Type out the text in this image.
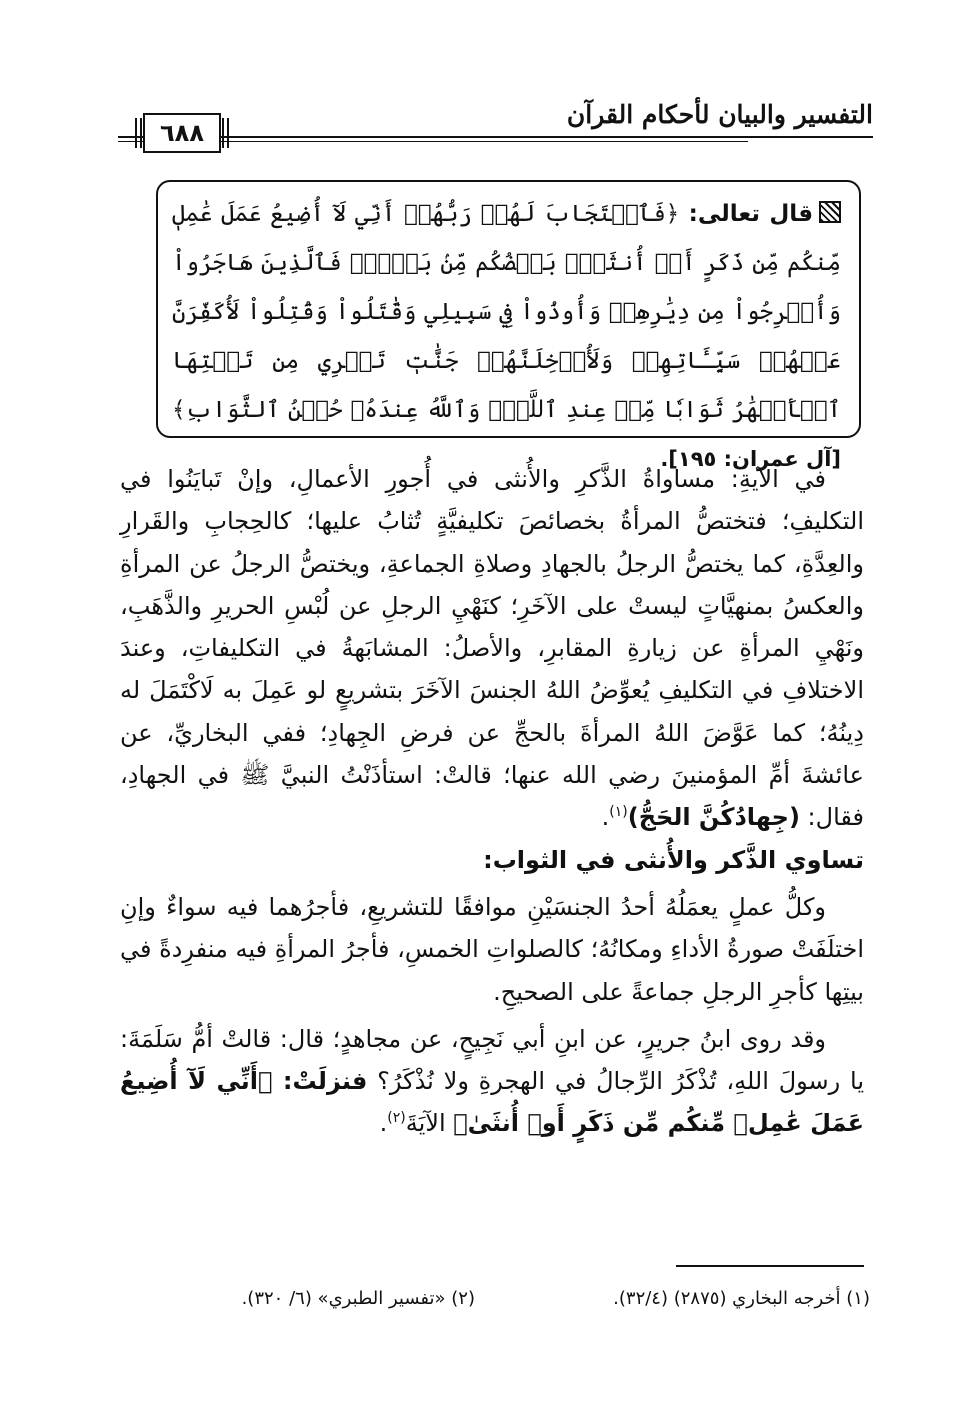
التفسير والبيان لأحكام القرآن
٦٨٨
قال تعالى: ﴿فَٱسۡتَجَابَ لَهُمۡ رَبُّهُمۡ أَنِّي لَآ أُضِيعُ عَمَلَ عَٰمِلٖ مِّنكُم مِّن ذَكَرٍ أَوۡ أُنثَىٰۖ بَعۡضُكُم مِّنۢ بَعۡضٖۖ فَٱلَّذِينَ هَاجَرُواْ وَأُخۡرِجُواْ مِن دِيَٰرِهِمۡ وَأُوذُواْ فِي سَبِيلِي وَقَٰتَلُواْ وَقُتِلُواْ لَأُكَفِّرَنَّ عَنۡهُمۡ سَيِّـَٔاتِهِمۡ وَلَأُدۡخِلَنَّهُمۡ جَنَّٰتٖ تَجۡرِي مِن تَحۡتِهَا ٱلۡأَنۡهَٰرُ ثَوَابٗا مِّنۡ عِندِ ٱللَّهِۚ وَٱللَّهُ عِندَهُۥ حُسۡنُ ٱلثَّوَابِ﴾ [آل عمران: ١٩٥].

في الآيةِ: مساواةُ الذَّكرِ والأُنثى في أُجورِ الأعمالِ، وإنْ تَبايَنُوا في التكليفِ؛ فتختصُّ المرأةُ بخصائصَ تكليفيَّةٍ تُثابُ عليها؛ كالحِجابِ والقَرارِ والعِدَّةِ، كما يختصُّ الرجلُ بالجهادِ وصلاةِ الجماعةِ، ويختصُّ الرجلُ عن المرأةِ والعكسُ بمنهيَّاتٍ ليستْ على الآخَرِ؛ كنَهْيِ الرجلِ عن لُبْسِ الحريرِ والذَّهَبِ، ونَهْيِ المرأةِ عن زيارةِ المقابرِ، والأصلُ: المشابَهةُ في التكليفاتِ، وعندَ الاختلافِ في التكليفِ يُعوِّضُ اللهُ الجنسَ الآخَرَ بتشريعٍ لو عَمِلَ به لَاكْتَمَلَ له دِينُهُ؛ كما عَوَّضَ اللهُ المرأةَ بالحجِّ عن فرضِ الجِهادِ؛ ففي البخاريِّ، عن عائشةَ أمِّ المؤمنينَ رضي الله عنها؛ قالتْ: استأذَنْتُ النبيَّ ﷺ في الجهادِ، فقال: (جِهادُكُنَّ الحَجُّ)$^{(١)}$.

تساوي الذَّكر والأُنثى في الثواب:

وكلُّ عملٍ يعمَلُهُ أحدُ الجنسَيْنِ موافقًا للتشريعِ، فأجرُهما فيه سواءٌ وإنِ اختلَفَتْ صورةُ الأداءِ ومكانُهُ؛ كالصلواتِ الخمسِ، فأجرُ المرأةِ فيه منفرِدةً في بيتِها كأجرِ الرجلِ جماعةً على الصحيحِ.

وقد روى ابنُ جريرٍ، عن ابنِ أبي نَجِيحٍ، عن مجاهدٍ؛ قال: قالتْ أمُّ سَلَمَةَ: يا رسولَ اللهِ، تُذْكَرُ الرِّجالُ في الهجرةِ ولا نُذْكَرُ؟ فنزلَتْ: ﴿أَنِّي لَآ أُضِيعُ عَمَلَ عَٰمِلٖ مِّنكُم مِّن ذَكَرٍ أَوۡ أُنثَىٰ﴾ الآيَةَ$^{(٢)}$.

(١) أخرجه البخاري (٢٨٧٥) (٣٢/٤).
(٢) «تفسير الطبري» (٦/ ٣٢٠).
